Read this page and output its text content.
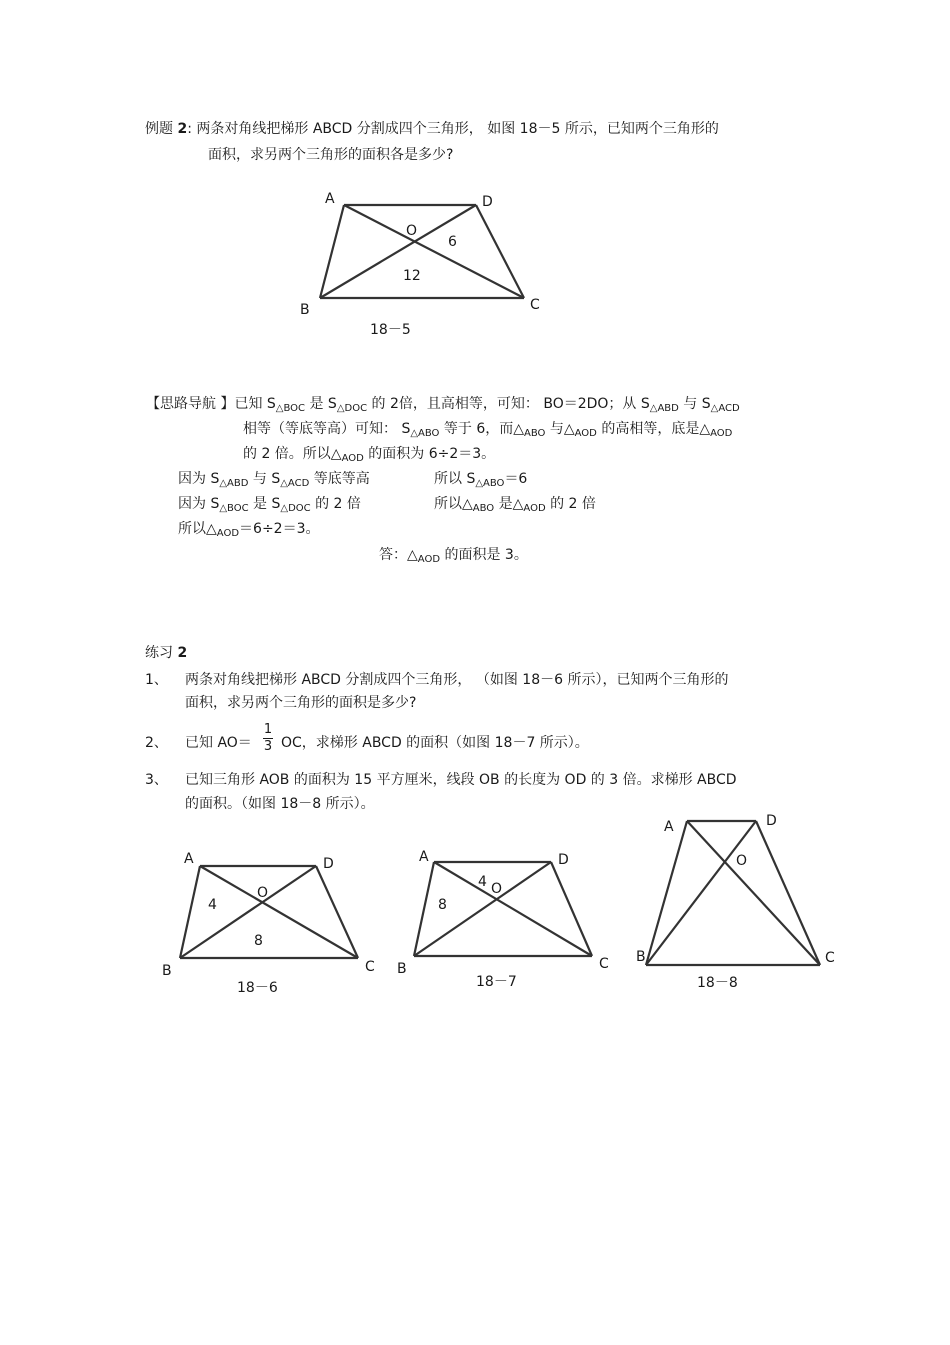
例题 2: 两条对角线把梯形 ABCD 分割成四个三角形， 如图 18－5 所示，已知两个三角形的
面积，求另两个三角形的面积各是多少?
A	D
O
6
12
B	C
18－5
A	D
O
4
8
B	C
18－6
A	D
4 O
8
B	C
18－7
A	D
O
B	C
18－8
【思路导航 】已知 $S_{\triangle BOC}$ 是 $S_{\triangle DOC}$ 的 2倍，且高相等，可知： BO＝2DO；从 $S_{\triangle ABD}$ 与 $S_{\triangle ACD}$
相等（等底等高）可知： $S_{\triangle ABO}$ 等于 6，而$\triangle_{ABO}$ 与$\triangle_{AOD}$ 的高相等，底是$\triangle_{AOD}$
的 2 倍。所以$\triangle_{AOD}$ 的面积为 6÷2＝3。
因为 $S_{\triangle ABD}$ 与 $S_{\triangle ACD}$ 等底等高	所以 $S_{\triangle ABO}=6$
因为 $S_{\triangle BOC}$ 是 $S_{\triangle DOC}$ 的 2 倍	所以$\triangle_{ABO}$ 是$\triangle_{AOD}$ 的 2 倍
所以$\triangle_{AOD}=6\div 2=3$。
答：$\triangle_{AOD}$ 的面积是 3。
练习 2
1、 两条对角线把梯形 ABCD 分割成四个三角形， （如图 18－6 所示），已知两个三角形的
面积，求另两个三角形的面积是多少?
2、 已知 AO＝
1
3 OC，求梯形 ABCD 的面积（如图 18－7 所示）。
3、 已知三角形 AOB 的面积为 15 平方厘米，线段 OB 的长度为 OD 的 3 倍。求梯形 ABCD
的面积。（如图 18－8 所示）。
